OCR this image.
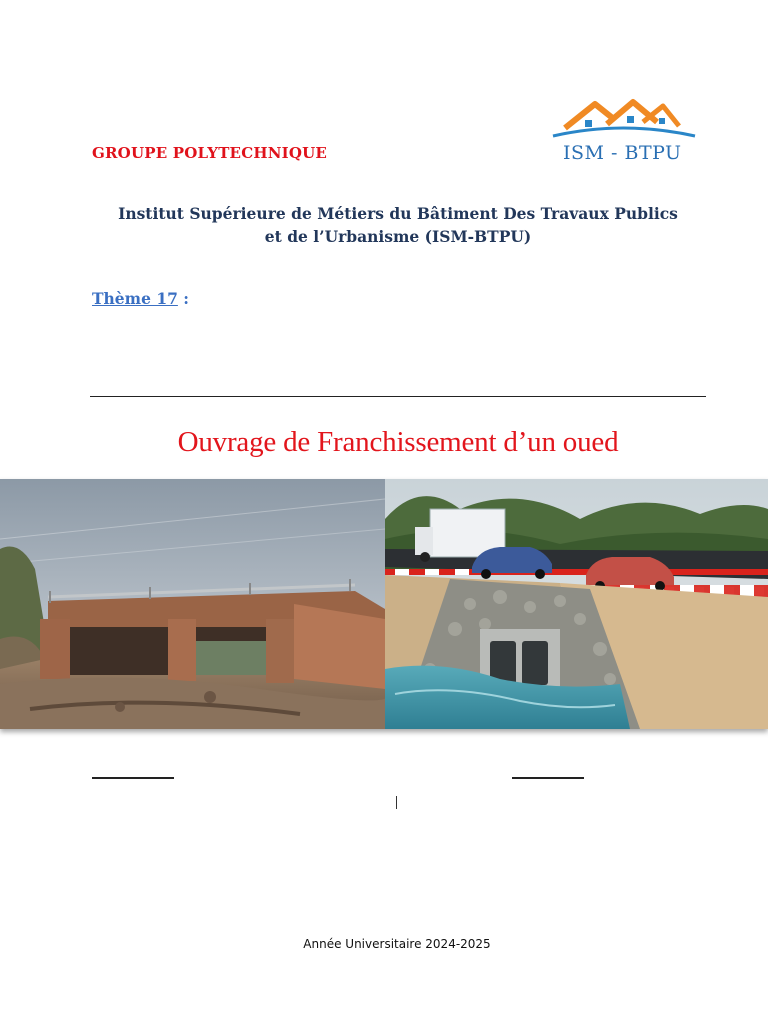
GROUPE POLYTECHNIQUE	ISM - BTPU
Institut Supérieure de Métiers du Bâtiment Des Travaux Publics
et de l’Urbanisme (ISM-BTPU)
Thème 17 :
Ouvrage de Franchissement d’un oued
Année Universitaire 2024-2025
